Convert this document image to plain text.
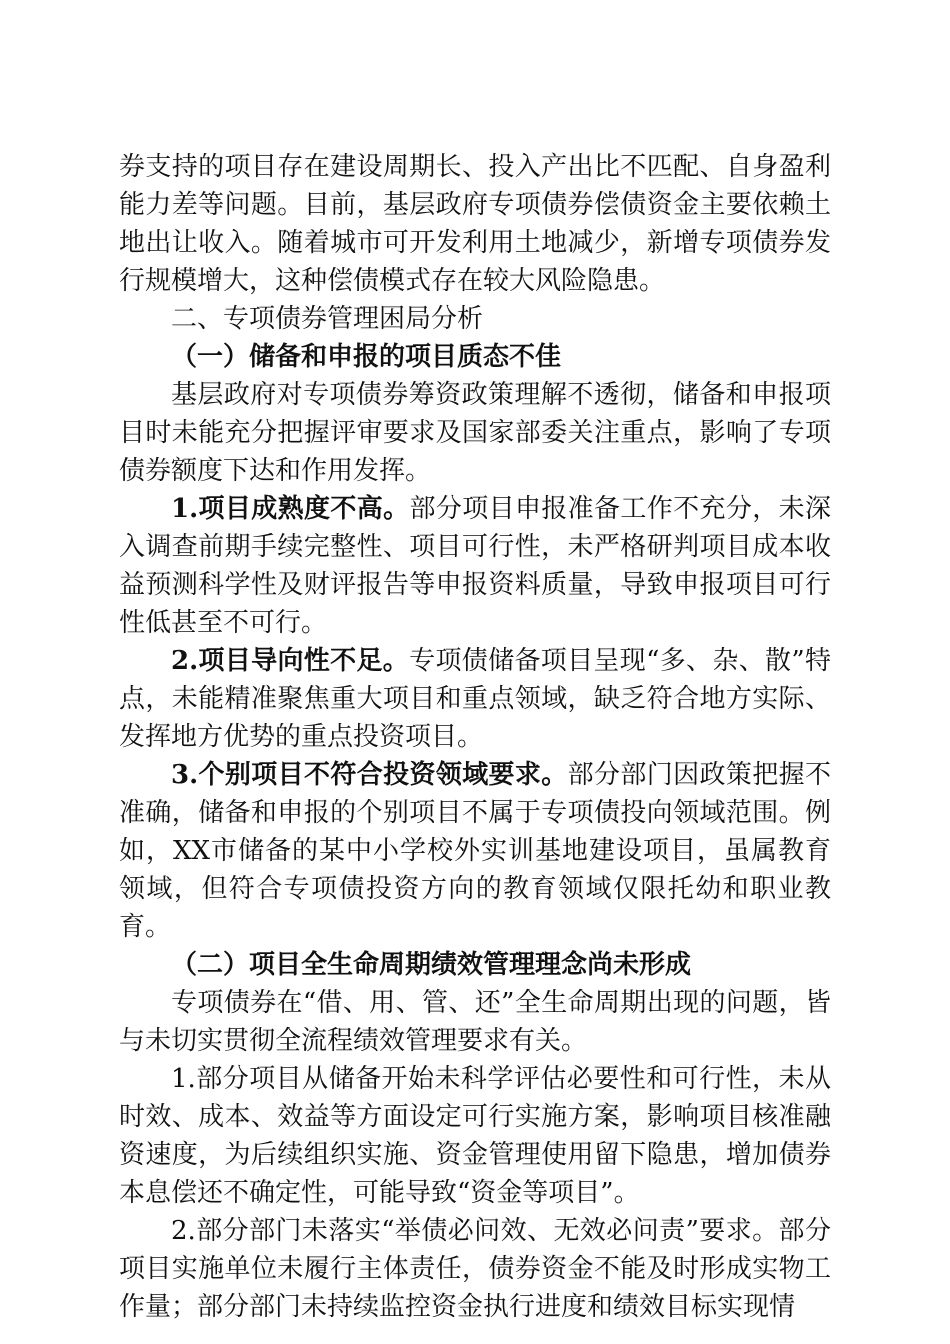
券支持的项目存在建设周期长、投入产出比不匹配、自身盈利能力差等问题。目前，基层政府专项债券偿债资金主要依赖土地出让收入。随着城市可开发利用土地减少，新增专项债券发行规模增大，这种偿债模式存在较大风险隐患。

二、专项债券管理困局分析

（一）储备和申报的项目质态不佳

基层政府对专项债券筹资政策理解不透彻，储备和申报项目时未能充分把握评审要求及国家部委关注重点，影响了专项债券额度下达和作用发挥。

1.项目成熟度不高。部分项目申报准备工作不充分，未深入调查前期手续完整性、项目可行性，未严格研判项目成本收益预测科学性及财评报告等申报资料质量，导致申报项目可行性低甚至不可行。

2.项目导向性不足。专项债储备项目呈现“多、杂、散”特点，未能精准聚焦重大项目和重点领域，缺乏符合地方实际、发挥地方优势的重点投资项目。

3.个别项目不符合投资领域要求。部分部门因政策把握不准确，储备和申报的个别项目不属于专项债投向领域范围。例如，XX市储备的某中小学校外实训基地建设项目，虽属教育领域，但符合专项债投资方向的教育领域仅限托幼和职业教育。

（二）项目全生命周期绩效管理理念尚未形成

专项债券在“借、用、管、还”全生命周期出现的问题，皆与未切实贯彻全流程绩效管理要求有关。

1.部分项目从储备开始未科学评估必要性和可行性，未从时效、成本、效益等方面设定可行实施方案，影响项目核准融资速度，为后续组织实施、资金管理使用留下隐患，增加债券本息偿还不确定性，可能导致“资金等项目”。

2.部分部门未落实“举债必问效、无效必问责”要求。部分项目实施单位未履行主体责任，债券资金不能及时形成实物工作量；部分部门未持续监控资金执行进度和绩效目标实现情
